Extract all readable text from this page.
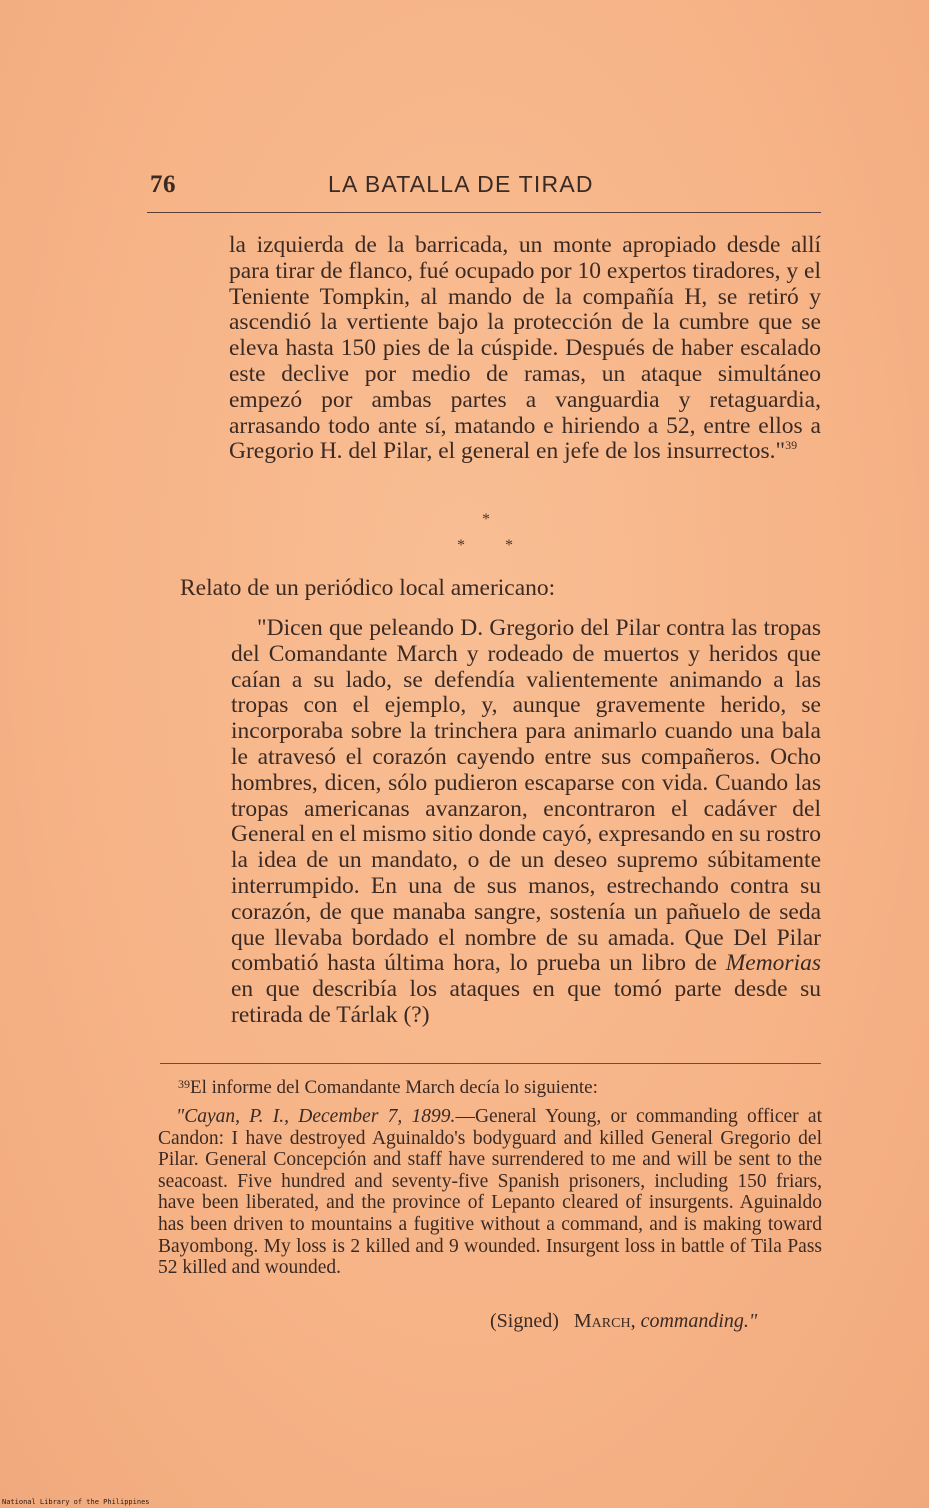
76	LA BATALLA DE TIRAD

la izquierda de la barricada, un monte apropiado desde allí para tirar de flanco, fué ocupado por 10 expertos tiradores, y el Teniente Tompkin, al mando de la compañía H, se retiró y ascendió la vertiente bajo la protección de la cumbre que se eleva hasta 150 pies de la cúspide. Después de haber escalado este declive por medio de ramas, un ataque simultáneo empezó por ambas partes a vanguardia y retaguardia, arrasando todo ante sí, matando e hiriendo a 52, entre ellos a Gregorio H. del Pilar, el general en jefe de los insurrectos."$^{39}$

*
*	*

Relato de un periódico local americano:

"Dicen que peleando D. Gregorio del Pilar contra las tropas del Comandante March y rodeado de muertos y heridos que caían a su lado, se defendía valientemente animando a las tropas con el ejemplo, y, aunque gravemente herido, se incorporaba sobre la trinchera para animarlo cuando una bala le atravesó el corazón cayendo entre sus compañeros. Ocho hombres, dicen, sólo pudieron escaparse con vida. Cuando las tropas americanas avanzaron, encontraron el cadáver del General en el mismo sitio donde cayó, expresando en su rostro la idea de un mandato, o de un deseo supremo súbitamente interrumpido. En una de sus manos, estrechando contra su corazón, de que manaba sangre, sostenía un pañuelo de seda que llevaba bordado el nombre de su amada. Que Del Pilar combatió hasta última hora, lo prueba un libro de Memorias en que describía los ataques en que tomó parte desde su retirada de Tárlak (?)

$^{39}$El informe del Comandante March decía lo siguiente:

"Cayan, P. I., December 7, 1899.—General Young, or commanding officer at Candon: I have destroyed Aguinaldo's bodyguard and killed General Gregorio del Pilar. General Concepción and staff have surrendered to me and will be sent to the seacoast. Five hundred and seventy-five Spanish prisoners, including 150 friars, have been liberated, and the province of Lepanto cleared of insurgents. Aguinaldo has been driven to mountains a fugitive without a command, and is making toward Bayombong. My loss is 2 killed and 9 wounded. Insurgent loss in battle of Tila Pass 52 killed and wounded.

(Signed) March, commanding."

National Library of the Philippines
